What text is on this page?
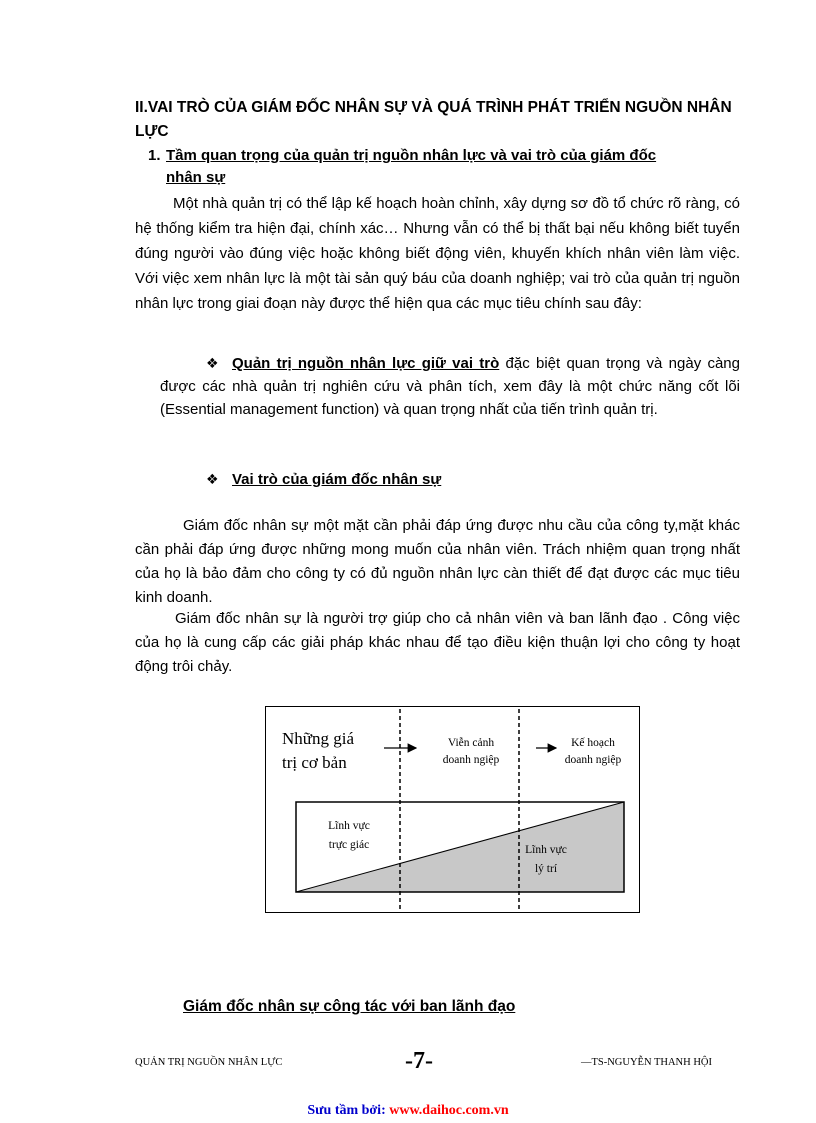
II.VAI TRÒ CỦA GIÁM ĐỐC NHÂN SỰ VÀ QUÁ TRÌNH PHÁT TRIỂN NGUỒN NHÂN LỰC
1. Tầm quan trọng của quản trị nguồn nhân lực và vai trò của giám đốc
nhân sự
Một nhà quản trị có thể lập kế hoạch hoàn chỉnh, xây dựng sơ đồ tổ chức rõ ràng, có hệ thống kiểm tra hiện đại, chính xác… Nhưng vẫn có thể bị thất bại nếu không biết tuyển đúng người vào đúng việc hoặc không biết động viên, khuyến khích nhân viên làm việc. Với việc xem nhân lực là một tài sản quý báu của doanh nghiệp; vai trò của quản trị nguồn nhân lực trong giai đoạn này được thể hiện qua các mục tiêu chính sau đây:
❖ Quản trị nguồn nhân lực giữ vai trò đặc biệt quan trọng và ngày càng được các nhà quản trị nghiên cứu và phân tích, xem đây là một chức năng cốt lõi (Essential management function) và quan trọng nhất của tiến trình quản trị.
❖ Vai trò của giám đốc nhân sự
Giám đốc nhân sự một mặt cần phải đáp ứng được nhu cầu của công ty,mặt khác cần phải đáp ứng được những mong muốn của nhân viên. Trách nhiệm quan trọng nhất của họ là bảo đảm cho công ty có đủ nguồn nhân lực càn thiết để đạt được các mục tiêu kinh doanh.
Giám đốc nhân sự là người trợ giúp cho cả nhân viên và ban lãnh đạo . Công việc của họ là cung cấp các giải pháp khác nhau để tạo điều kiện thuận lợi cho công ty hoạt động trôi chảy.
Những giá
trị cơ bản
Viễn cảnh
doanh ngiệp
Kế hoạch
doanh ngiệp
Lĩnh vực
trực giác	Lĩnh vực
lý trí
Giám đốc nhân sự công tác với ban lãnh đạo
QUẢN TRỊ NGUỒN NHÂN LỰC	-7-	—TS-NGUYỄN THANH HỘI
Sưu tầm bởi: www.daihoc.com.vn
